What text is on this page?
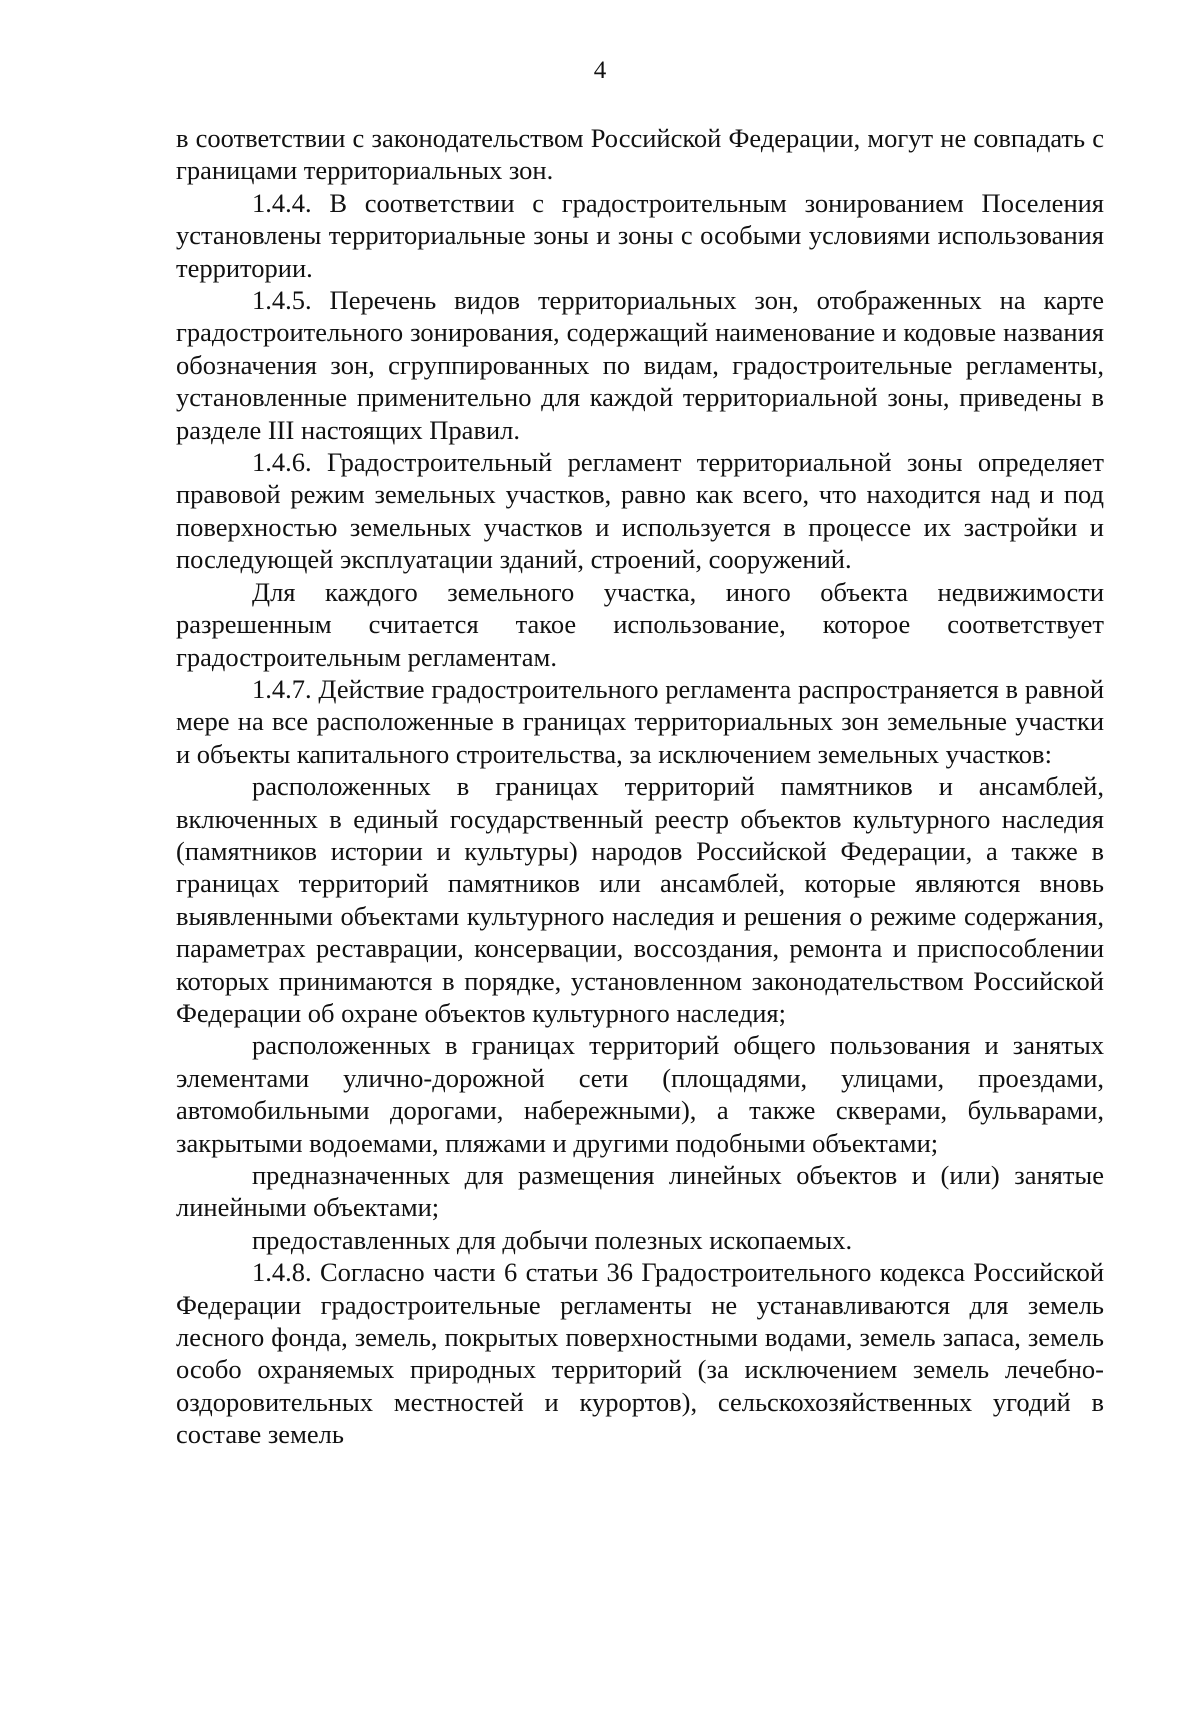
4

в соответствии с законодательством Российской Федерации, могут не совпадать с границами территориальных зон.

1.4.4. В соответствии с градостроительным зонированием Поселения установлены территориальные зоны и зоны с особыми условиями использования территории.

1.4.5. Перечень видов территориальных зон, отображенных на карте градостроительного зонирования, содержащий наименование и кодовые названия обозначения зон, сгруппированных по видам, градостроительные регламенты, установленные применительно для каждой территориальной зоны, приведены в разделе III настоящих Правил.

1.4.6. Градостроительный регламент территориальной зоны определяет правовой режим земельных участков, равно как всего, что находится над и под поверхностью земельных участков и используется в процессе их застройки и последующей эксплуатации зданий, строений, сооружений.

Для каждого земельного участка, иного объекта недвижимости разрешенным считается такое использование, которое соответствует градостроительным регламентам.

1.4.7. Действие градостроительного регламента распространяется в равной мере на все расположенные в границах территориальных зон земельные участки и объекты капитального строительства, за исключением земельных участков:

расположенных в границах территорий памятников и ансамблей, включенных в единый государственный реестр объектов культурного наследия (памятников истории и культуры) народов Российской Федерации, а также в границах территорий памятников или ансамблей, которые являются вновь выявленными объектами культурного наследия и решения о режиме содержания, параметрах реставрации, консервации, воссоздания, ремонта и приспособлении которых принимаются в порядке, установленном законодательством Российской Федерации об охране объектов культурного наследия;

расположенных в границах территорий общего пользования и занятых элементами улично-дорожной сети (площадями, улицами, проездами, автомобильными дорогами, набережными), а также скверами, бульварами, закрытыми водоемами, пляжами и другими подобными объектами;

предназначенных для размещения линейных объектов и (или) занятые линейными объектами;

предоставленных для добычи полезных ископаемых.

1.4.8. Согласно части 6 статьи 36 Градостроительного кодекса Российской Федерации градостроительные регламенты не устанавливаются для земель лесного фонда, земель, покрытых поверхностными водами, земель запаса, земель особо охраняемых природных территорий (за исключением земель лечебно-оздоровительных местностей и курортов), сельскохозяйственных угодий в составе земель
